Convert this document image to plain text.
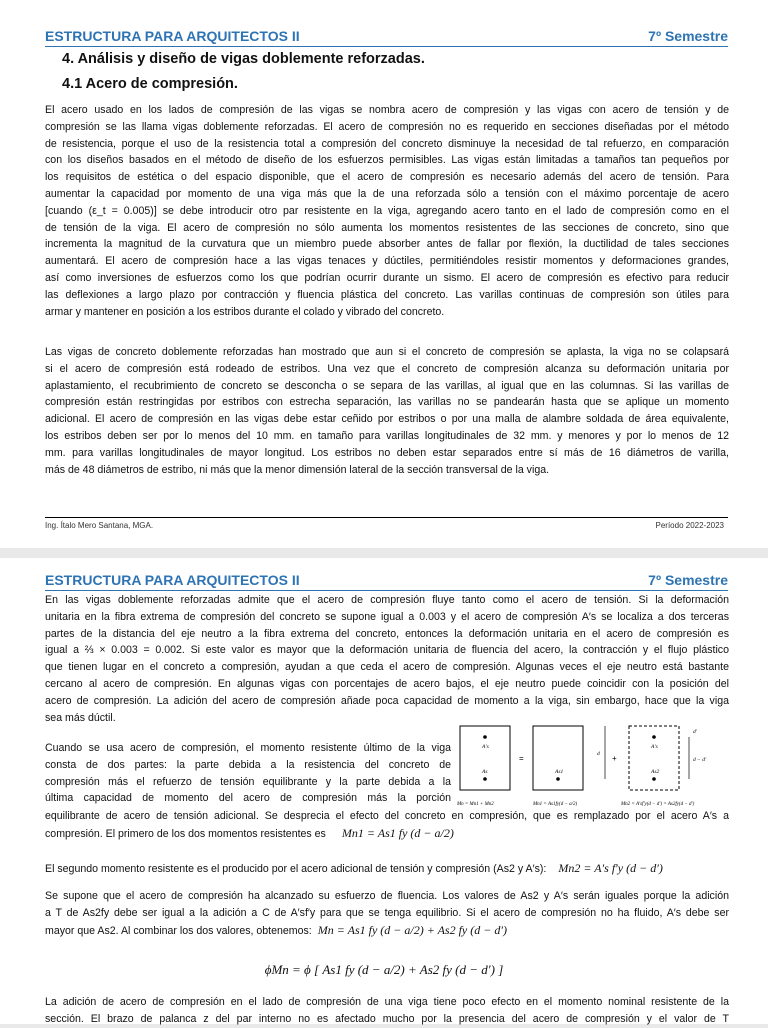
ESTRUCTURA PARA ARQUITECTOS II	7º Semestre
4. Análisis y diseño de vigas doblemente reforzadas.
4.1 Acero de compresión.
El acero usado en los lados de compresión de las vigas se nombra acero de compresión y las vigas con acero de tensión y de
compresión se las llama vigas doblemente reforzadas. El acero de compresión no es requerido en secciones diseñadas por el método
de resistencia, porque el uso de la resistencia total a compresión del concreto disminuye la necesidad de tal refuerzo, en comparación
con los diseños basados en el método de diseño de los esfuerzos permisibles. Las vigas están limitadas a tamaños tan pequeños por
los requisitos de estética o del espacio disponible, que el acero de compresión es necesario además del acero de tensión. Para
aumentar la capacidad por momento de una viga más que la de una reforzada sólo a tensión con el máximo porcentaje de acero
[cuando (ε_t = 0.005)] se debe introducir otro par resistente en la viga, agregando acero tanto en el lado de compresión como en el
de tensión de la viga. El acero de compresión no sólo aumenta los momentos resistentes de las secciones de concreto, sino que
incrementa la magnitud de la curvatura que un miembro puede absorber antes de fallar por flexión, la ductilidad de tales secciones
aumentará. El acero de compresión hace a las vigas tenaces y dúctiles, permitiéndoles resistir momentos y deformaciones grandes,
así como inversiones de esfuerzos como los que podrían ocurrir durante un sismo. El acero de compresión es efectivo para reducir
las deflexiones a largo plazo por contracción y fluencia plástica del concreto. Las varillas continuas de compresión son útiles para
armar y mantener en posición a los estribos durante el colado y vibrado del concreto.
Las vigas de concreto doblemente reforzadas han mostrado que aun si el concreto de compresión se aplasta, la viga no se colapsará
si el acero de compresión está rodeado de estribos. Una vez que el concreto de compresión alcanza su deformación unitaria por
aplastamiento, el recubrimiento de concreto se desconcha o se separa de las varillas, al igual que en las columnas. Si las varillas de
compresión están restringidas por estribos con estrecha separación, las varillas no se pandearán hasta que se aplique un momento
adicional. El acero de compresión en las vigas debe estar ceñido por estribos o por una malla de alambre soldada de área equivalente,
los estribos deben ser por lo menos del 10 mm. en tamaño para varillas longitudinales de 32 mm. y menores y por lo menos de 12
mm. para varillas longitudinales de mayor longitud. Los estribos no deben estar separados entre sí más de 16 diámetros de varilla,
más de 48 diámetros de estribo, ni más que la menor dimensión lateral de la sección transversal de la viga.
Ing. Ítalo Mero Santana, MGA.	Período 2022-2023
ESTRUCTURA PARA ARQUITECTOS II	7º Semestre
En las vigas doblemente reforzadas admite que el acero de compresión fluye tanto como el acero de tensión. Si la deformación
unitaria en la fibra extrema de compresión del concreto se supone igual a 0.003 y el acero de compresión A′s se localiza a dos terceras
partes de la distancia del eje neutro a la fibra extrema del concreto, entonces la deformación unitaria en el acero de compresión es
igual a ⅔ × 0.003 = 0.002. Si este valor es mayor que la deformación unitaria de fluencia del acero, la contracción y el flujo plástico
que tienen lugar en el concreto a compresión, ayudan a que ceda el acero de compresión. Algunas veces el eje neutro está bastante
cercano al acero de compresión. En algunas vigas con porcentajes de acero bajos, el eje neutro puede coincidir con la posición del
acero de compresión. La adición del acero de compresión añade poca capacidad de momento a la viga, sin embargo, hace que la viga
sea más dúctil.
Cuando se usa acero de compresión, el momento resistente último de la viga
consta de dos partes: la parte debida a la resistencia del concreto de
compresión más el refuerzo de tensión equilibrante y la parte debida a la
última capacidad de momento del acero de compresión más la porción
equilibrante de acero de tensión adicional. Se desprecia el efecto del concreto en compresión, que es remplazado por el acero A′s a
compresión. El primero de los dos momentos resistentes es Mn1 = As1 fy (d − a/2)
El segundo momento resistente es el producido por el acero adicional de tensión y compresión (As2 y A′s): Mn2 = A′s f′y (d − d′)
Se supone que el acero de compresión ha alcanzado su esfuerzo de fluencia. Los valores de As2 y A′s serán iguales porque la adición
a T de As2fy debe ser igual a la adición a C de A′sf′y para que se tenga equilibrio. Si el acero de compresión no ha fluido, A′s debe ser
mayor que As2. Al combinar los dos valores, obtenemos: Mn = As1 fy (d − a/2) + As2 fy (d − d′)
ϕMn = ϕ [ As1 fy (d − a/2) + As2 fy (d − d′) ]
La adición de acero de compresión en el lado de compresión de una viga tiene poco efecto en el momento nominal resistente de la
sección. El brazo de palanca z del par interno no es afectado mucho por la presencia del acero de compresión y el valor de T
A′s
As
=
As1
d +
A′s
As2
d − d′
d′
Mn = Mn1 + Mn2	Mn1 = As1fy(d − a/2)	Mn2 = A′sf′y(d − d′) = As2fy(d − d′)
